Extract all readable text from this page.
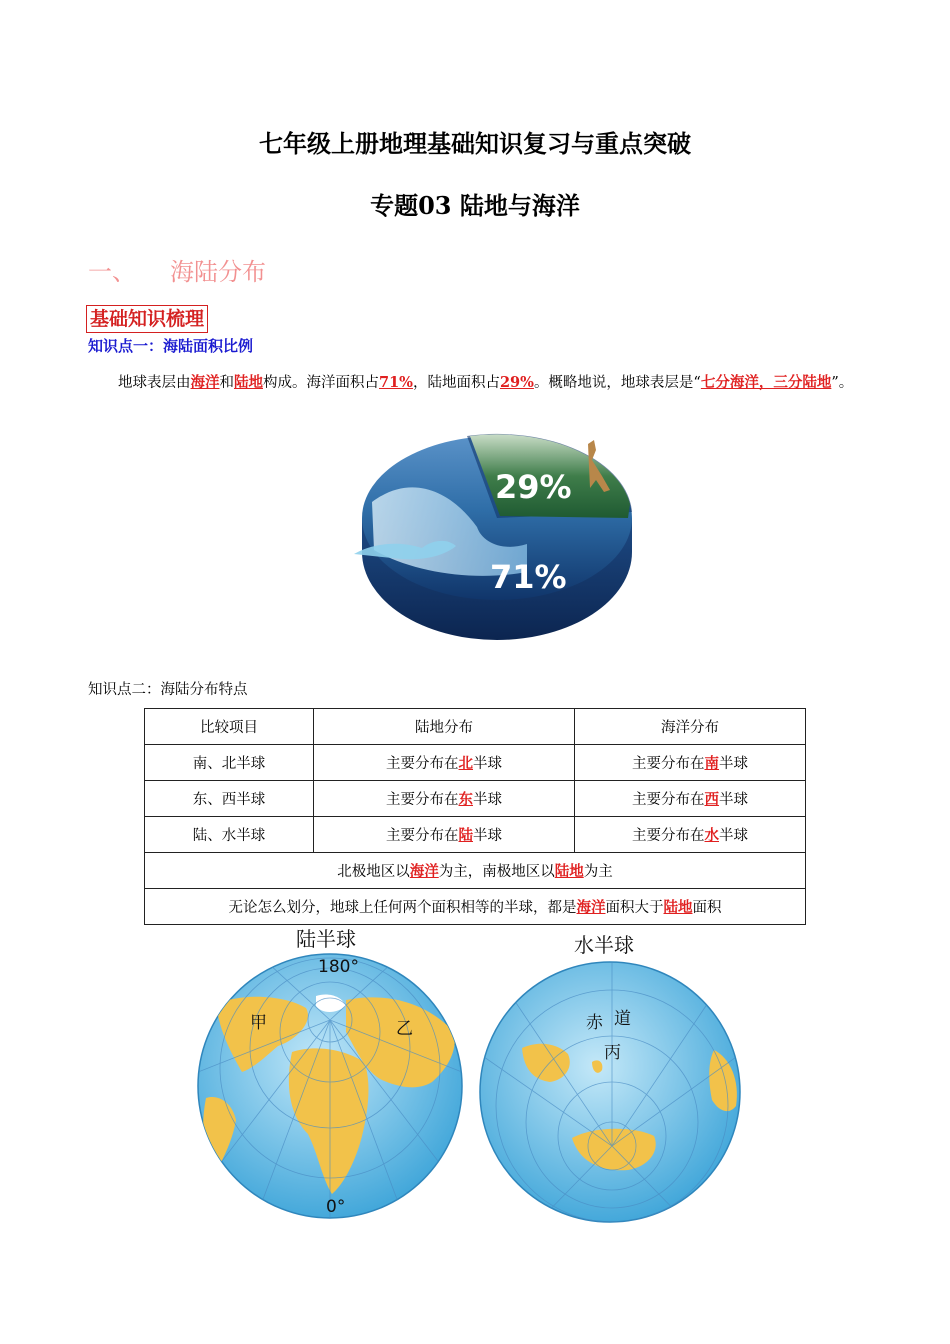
七年级上册地理基础知识复习与重点突破
专题03 陆地与海洋
一、 海陆分布
基础知识梳理
知识点一：海陆面积比例
地球表层由海洋和陆地构成。海洋面积占71%，陆地面积占29%。概略地说，地球表层是“七分海洋，三分陆地”。
29%
71%
知识点二：海陆分布特点
比较项目	陆地分布	海洋分布
南、北半球	主要分布在北半球	主要分布在南半球
东、西半球	主要分布在东半球	主要分布在西半球
陆、水半球	主要分布在陆半球	主要分布在水半球
北极地区以海洋为主，南极地区以陆地为主		
无论怎么划分，地球上任何两个面积相等的半球，都是海洋面积大于陆地面积		
陆半球
180°
0°
甲	乙
水半球
赤 道
丙
